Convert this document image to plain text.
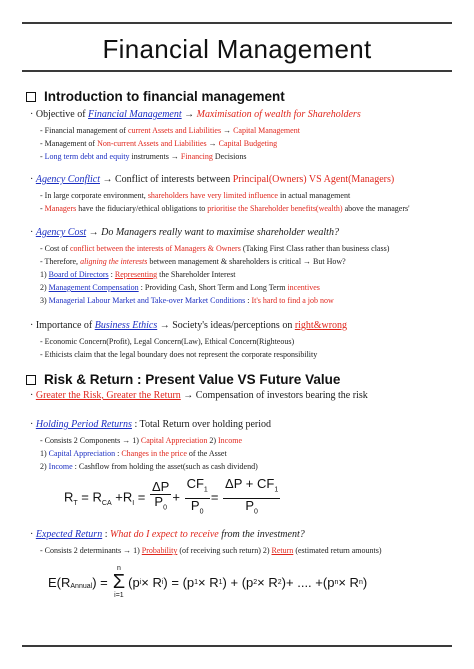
Financial Management
Introduction to financial management
· Objective of Financial Management → Maximisation of wealth for Shareholders
- Financial management of current Assets and Liabilities → Capital Management
- Management of Non-current Assets and Liabilities → Capital Budgeting
- Long term debt and equity instruments → Financing Decisions
· Agency Conflict → Conflict of interests between Principal(Owners) VS Agent(Managers)
- In large corporate environment, shareholders have very limited influence in actual management
- Managers have the fiduciary/ethical obligations to prioritise the Shareholder benefits(wealth) above the managers'
· Agency Cost → Do Managers really want to maximise shareholder wealth?
- Cost of conflict between the interests of Managers & Owners (Taking First Class rather than business class)
- Therefore, aligning the interests between management & shareholders is critical → But How?
1) Board of Directors : Representing the Shareholder Interest
2) Management Compensation : Providing Cash, Short Term and Long Term incentives
3) Managerial Labour Market and Take-over Market Conditions : It's hard to find a job now
· Importance of Business Ethics → Society's ideas/perceptions on right&wrong
- Economic Concern(Profit), Legal Concern(Law), Ethical Concern(Righteous)
- Ethicists claim that the legal boundary does not represent the corporate responsibility
Risk & Return : Present Value VS Future Value
· Greater the Risk, Greater the Return → Compensation of investors bearing the risk
· Holding Period Returns : Total Return over holding period
- Consists 2 Components → 1) Capital Appreciation 2) Income
1) Capital Appreciation : Changes in the price of the Asset
2) Income : Cashflow from holding the asset(such as cash dividend)
$R_T = R_{CA} +R_I = \frac{\Delta P}{P_0} + \frac{CF_1}{P_0} = \frac{\Delta P + CF_1}{P_0}$
· Expected Return : What do I expect to receive from the investment?
- Consists 2 determinants → 1) Probability (of receiving such return) 2) Return (estimated return amounts)
$E(R_{Annual}$ ) =
n
Σ
i=1
(p i × R i ) = (p 1 × R 1 ) + (p 2 × R 2 ) + .... + (p n × R n )
